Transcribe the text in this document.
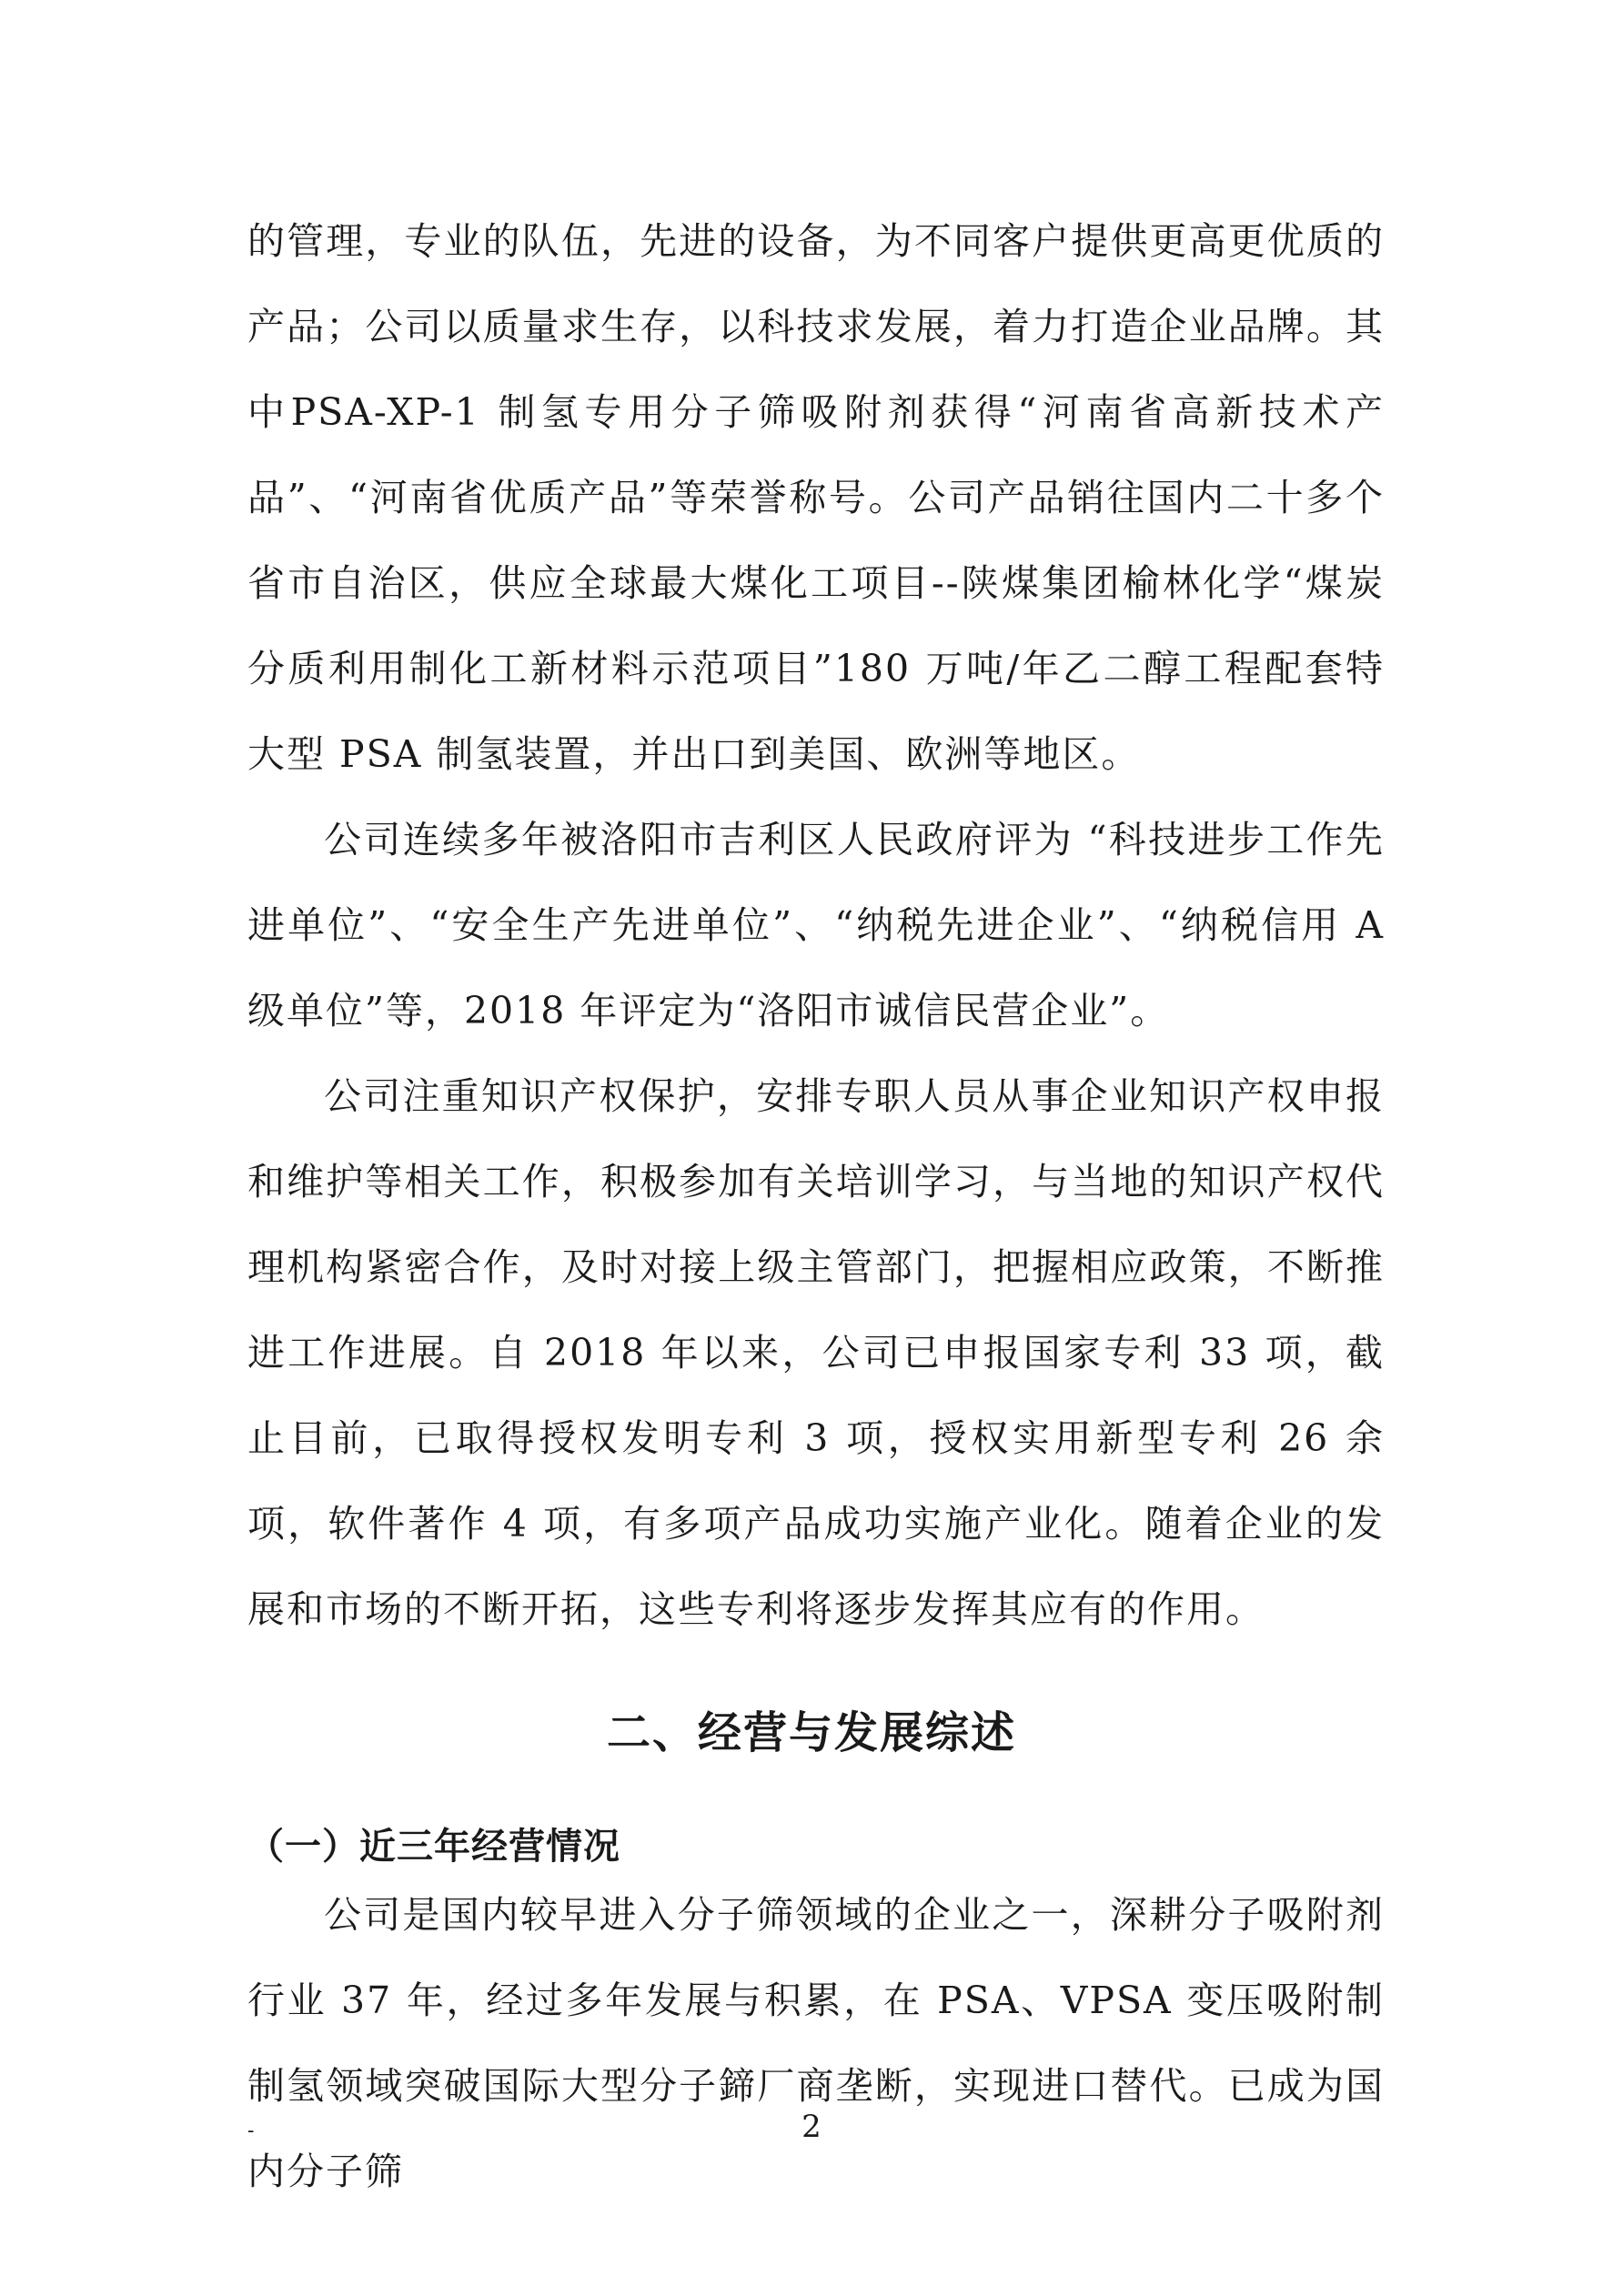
的管理，专业的队伍，先进的设备，为不同客户提供更高更优质的产品；公司以质量求生存，以科技求发展，着力打造企业品牌。其中PSA-XP-1 制氢专用分子筛吸附剂获得“河南省高新技术产品”、“河南省优质产品”等荣誉称号。公司产品销往国内二十多个省市自治区，供应全球最大煤化工项目--陕煤集团榆林化学“煤炭分质利用制化工新材料示范项目”180 万吨/年乙二醇工程配套特大型 PSA 制氢装置，并出口到美国、欧洲等地区。

公司连续多年被洛阳市吉利区人民政府评为 “科技进步工作先进单位”、“安全生产先进单位”、“纳税先进企业”、“纳税信用 A 级单位”等，2018 年评定为“洛阳市诚信民营企业”。

公司注重知识产权保护，安排专职人员从事企业知识产权申报和维护等相关工作，积极参加有关培训学习，与当地的知识产权代理机构紧密合作，及时对接上级主管部门，把握相应政策，不断推进工作进展。自 2018 年以来，公司已申报国家专利 33 项，截止目前，已取得授权发明专利 3 项，授权实用新型专利 26 余项，软件著作 4 项，有多项产品成功实施产业化。随着企业的发展和市场的不断开拓，这些专利将逐步发挥其应有的作用。

二、经营与发展综述
（一）近三年经营情况

公司是国内较早进入分子筛领域的企业之一，深耕分子吸附剂行业 37 年，经过多年发展与积累，在 PSA、VPSA 变压吸附制制氢领域突破国际大型分子鍗厂商垄断，实现进口替代。已成为国内分子筛

-	2
